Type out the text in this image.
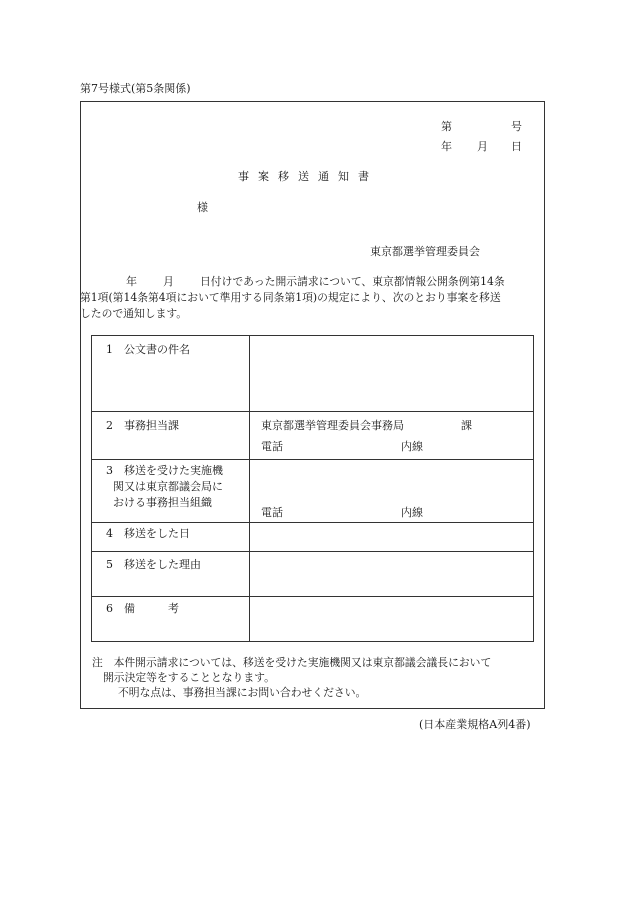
第7号様式(第5条関係)
第	号
年 月 日
事案移送通知書
様
東京都選挙管理委員会
年 月 日付けであった開示請求について、東京都情報公開条例第14条
第1項(第14条第4項において準用する同条第1項)の規定により、次のとおり事案を移送
したので通知します。
1　公文書の件名
2　事務担当課	東京都選挙管理委員会事務局	課
電話	内線
3　移送を受けた実施機
関又は東京都議会局に
おける事務担当組織
電話	内線
4　移送をした日
5　移送をした理由
6　備	考
注　本件開示請求については、移送を受けた実施機関又は東京都議会議長において
開示決定等をすることとなります。
不明な点は、事務担当課にお問い合わせください。
(日本産業規格A列4番)
